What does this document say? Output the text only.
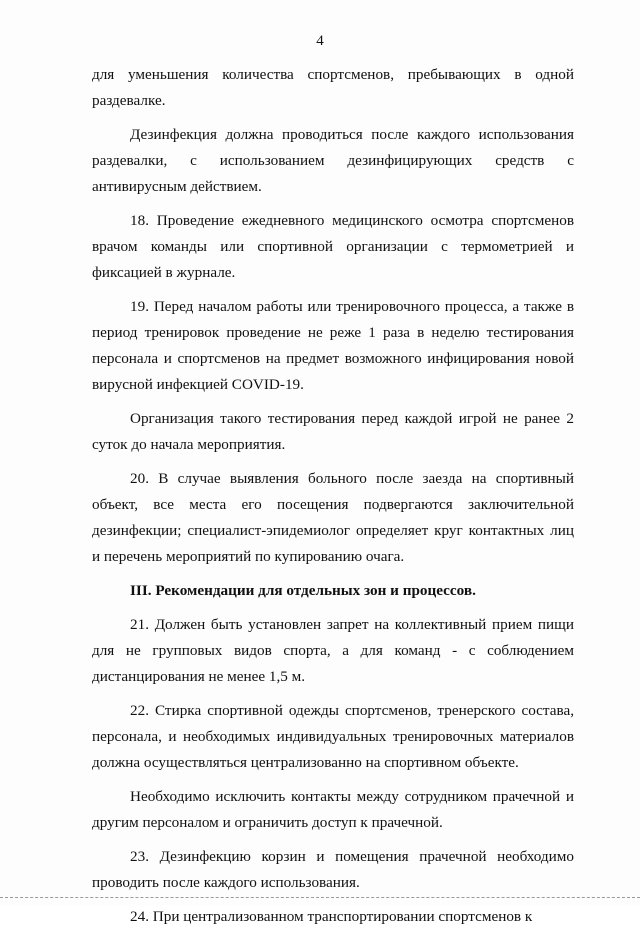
4

для уменьшения количества спортсменов, пребывающих в одной раздевалке.

Дезинфекция должна проводиться после каждого использования раздевалки, с использованием дезинфицирующих средств с антивирусным действием.

18. Проведение ежедневного медицинского осмотра спортсменов врачом команды или спортивной организации с термометрией и фиксацией в журнале.

19. Перед началом работы или тренировочного процесса, а также в период тренировок проведение не реже 1 раза в неделю тестирования персонала и спортсменов на предмет возможного инфицирования новой вирусной инфекцией COVID-19.

Организация такого тестирования перед каждой игрой не ранее 2 суток до начала мероприятия.

20. В случае выявления больного после заезда на спортивный объект, все места его посещения подвергаются заключительной дезинфекции; специалист-эпидемиолог определяет круг контактных лиц и перечень мероприятий по купированию очага.

III. Рекомендации для отдельных зон и процессов.

21. Должен быть установлен запрет на коллективный прием пищи для не групповых видов спорта, а для команд - с соблюдением дистанцирования не менее 1,5 м.

22. Стирка спортивной одежды спортсменов, тренерского состава, персонала, и необходимых индивидуальных тренировочных материалов должна осуществляться централизованно на спортивном объекте.

Необходимо исключить контакты между сотрудником прачечной и другим персоналом и ограничить доступ к прачечной.

23. Дезинфекцию корзин и помещения прачечной необходимо проводить после каждого использования.

24. При централизованном транспортировании спортсменов к
